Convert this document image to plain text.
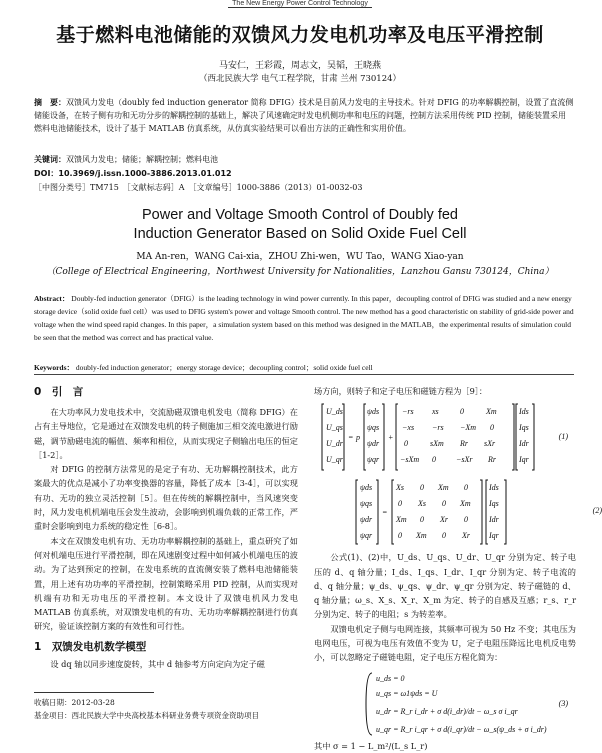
The New Energy Power Control Technology
基于燃料电池储能的双馈风力发电机功率及电压平滑控制
马安仁，王彩霞，周志文，吴韬，王晓燕
（西北民族大学 电气工程学院，甘肃 兰州 730124）
摘　要：双馈风力发电（doubly fed induction generator 简称 DFIG）技术是目前风力发电的主导技术。针对 DFIG 的功率解耦控制，设置了直流侧储能设备，在转子侧有功和无功分步的解耦控制的基础上，解决了风速确定时发电机侧功率和电压的问题，控制方法采用传统 PID 控制，储能装置采用燃料电池储能技术，设计了基于 MATLAB 仿真系统，从仿真实验结果可以看出方法的正确性和实用价值。
关键词：双馈风力发电；储能；解耦控制；燃料电池
DOI：10.3969/j.issn.1000-3886.2013.01.012
［中图分类号］TM715　［文献标志码］A　［文章编号］1000-3886（2013）01-0032-03
Power and Voltage Smooth Control of Doubly fed
Induction Generator Based on Solid Oxide Fuel Cell
MA An-ren，WANG Cai-xia，ZHOU Zhi-wen，WU Tao，WANG Xiao-yan
（College of Electrical Engineering，Northwest University for Nationalities，Lanzhou Gansu 730124，China）
Abstract： Doubly-fed induction generator（DFIG）is the leading technology in wind power currently. In this paper，decoupling control of DFIG was studied and a new energy storage device（solid oxide fuel cell）was used to DFIG system's power and voltage Smooth control. The new method has a good characteristic on stability of grid-side power and voltage when the wind speed rapid changes. In this paper，a simulation system based on this method was designed in the MATLAB，the experimental results of simulation could be seen that the method was correct and has practical value.
Keywords： doubly-fed induction generator；energy storage device；decoupling control；solid oxide fuel cell
0　 引　言

在大功率风力发电技术中，交流励磁双馈电机发电（简称 DFIG）在占有主导地位，它是通过在双馈发电机的转子侧施加三相交流电激进行励磁，调节励磁电流的幅值、频率和相位，从而实现定子侧输出电压的恒定［1-2］。

对 DFIG 的控制方法常见的是定子有功、无功解耦控制技术，此方案最大的优点是减小了功率变换器的容量，降低了成本［3-4］，可以实现有功、无功的独立灵活控制［5］。但在传统的解耦控制中，当风速突变时，风力发电机机端电压会发生波动，会影响到机端负载的正常工作，严重时会影响到电力系统的稳定性［6-8］。

本文在双馈发电机有功、无功功率解耦控制的基础上，重点研究了如何对机端电压进行平滑控制，即在风速剧变过程中如何减小机端电压的波动。为了达到预定的控制，在发电系统的直流侧安装了燃料电池储能装置，用上述有功功率的平滑控制，控制策略采用 PID 控制，从而实现对机端有功和无功电压的平滑控制。本文设计了双馈电机风力发电 MATLAB 仿真系统，对双馈发电机的有功、无功功率解耦控制进行仿真研究，验证该控制方案的有效性和可行性。

1　 双馈发电机数学模型

设 dq 轴以同步速度旋转，其中 d 轴参考方向定向为定子磁

场方向，则转子和定子电压和磁链方程为［9］：
U_ds
U_qs
U_dr
U_qr
= p
ψds
ψqs
ψdr
ψqr
+
−rs xs	0	Xm
−xs −rs −Xm 0
0	sXm Rr sXr
−sXm 0	−sXr Rr
Ids
Iqs
Idr
Iqr
(1)
ψds
ψqs
ψdr
ψqr
=
Xs 0 Xm 0
0 Xs 0 Xm
Xm 0 Xr 0
0 Xm 0 Xr
Ids
Iqs
Idr
Iqr
(2)

公式(1)、(2)中，U_ds、U_qs、U_dr、U_qr 分别为定、转子电压的 d、q 轴分量；I_ds、I_qs、I_dr、I_qr 分别为定、转子电流的 d、q 轴分量；ψ_ds、ψ_qs、ψ_dr、ψ_qr 分别为定、转子磁链的 d、q 轴分量；ω_s、X_s、X_r、X_m 为定、转子的自感及互感；r_s、r_r 分别为定、转子的电阻；s 为转差率。

双馈电机定子侧与电网连接，其频率可视为 50 Hz 不变；其电压为电网电压，可视为电压有效值不变为 U，定子电阻压降远比电机反电势小，可以忽略定子磁链电阻，定子电压方程化简为：

u_ds = 0
u_qs = ω1ψds = U
u_dr = R_r i_dr + σ d(i_dr)/dt − ω_s σ i_qr
u_qr = R_r i_qr + σ d(i_qr)/dt − ω_s(ψ_ds + σ i_dr)
(3)
其中 σ = 1 − L_m²/(L_s L_r)
收稿日期：2012-03-28
基金项目：西北民族大学中央高校基本科研业务费专项资金资助项目
